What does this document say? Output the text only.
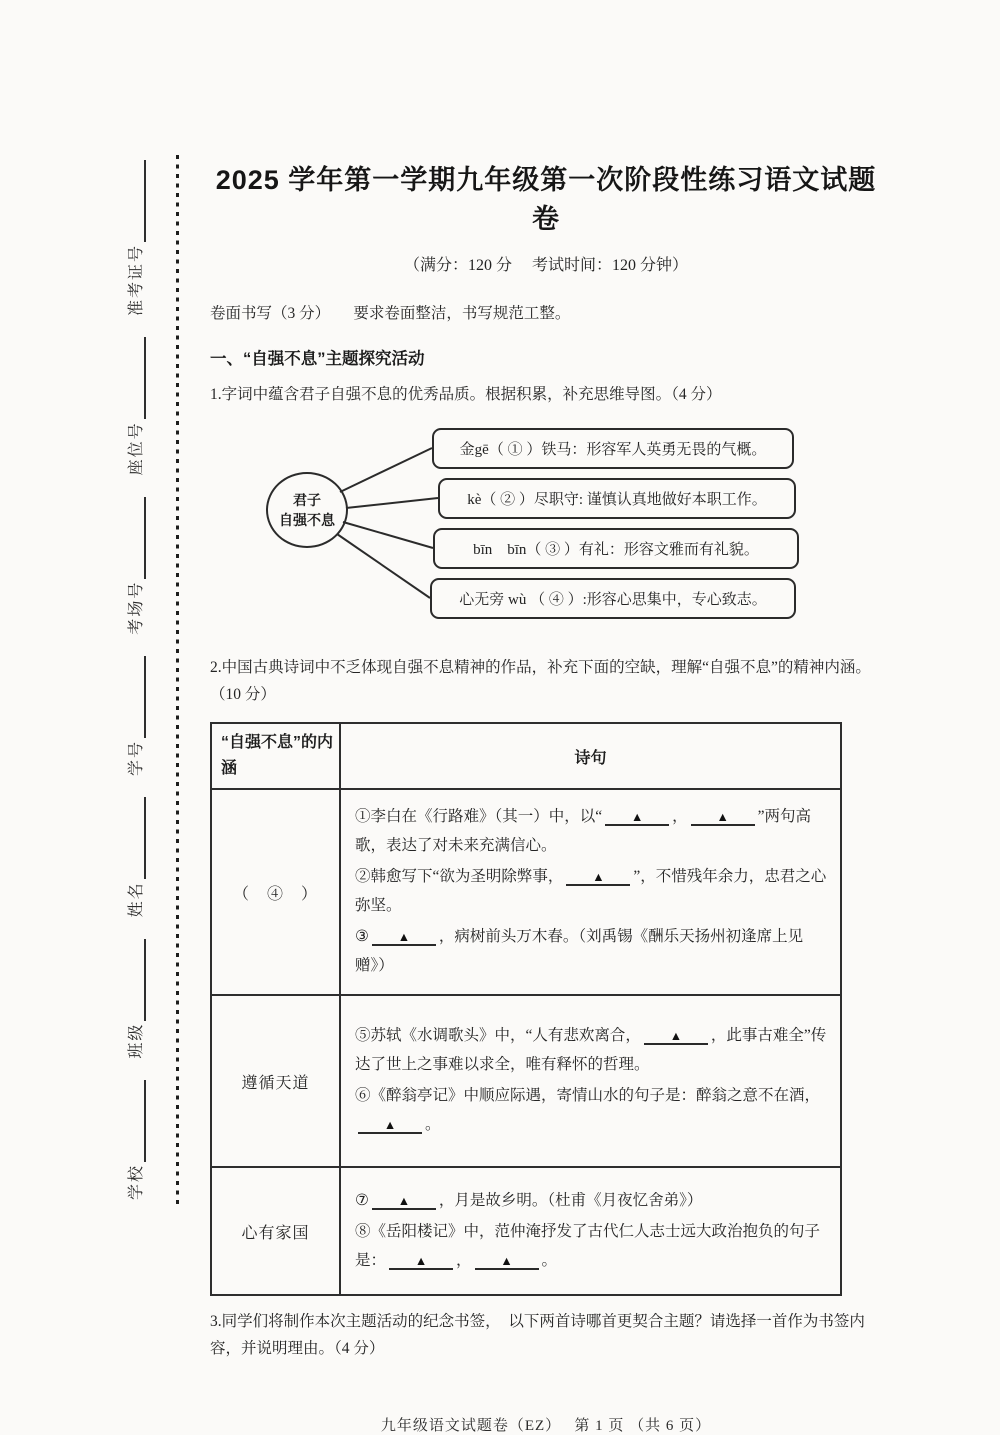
学校
班级
姓名
学号
考场号
座位号
准考证号
2025 学年第一学期九年级第一次阶段性练习语文试题卷
（满分：120 分　 考试时间：120 分钟）
卷面书写（3 分）　　要求卷面整洁，书写规范工整。
一、“自强不息”主题探究活动
1.字词中蕴含君子自强不息的优秀品质。根据积累，补充思维导图。（4 分）
君子
自强不息
金gē（ ① ）铁马：形容军人英勇无畏的气概。
kè（ ② ）尽职守: 谨慎认真地做好本职工作。
bīn　bīn（ ③ ）有礼：形容文雅而有礼貌。
心无旁 wù （ ④ ）:形容心思集中，专心致志。
2.中国古典诗词中不乏体现自强不息精神的作品，补充下面的空缺，理解“自强不息”的精神内涵。（10 分）
“自强不息”的内涵	诗句
（　④　）	①李白在《行路难》（其一）中，以“ ▲ ， ▲ ”两句高歌，表达了对未来充满信心。
②韩愈写下“欲为圣明除弊事， ▲ ”，不惜残年余力，忠君之心弥坚。
③ ▲ ，病树前头万木春。（刘禹锡《酬乐天扬州初逢席上见赠》）

遵循天道	⑤苏轼《水调歌头》中，“人有悲欢离合， ▲ ，此事古难全”传达了世上之事难以求全，唯有释怀的哲理。
⑥《醉翁亭记》中顺应际遇，寄情山水的句子是：醉翁之意不在酒，▲ 。

心有家国	⑦ ▲ ，月是故乡明。（杜甫《月夜忆舍弟》）
⑧《岳阳楼记》中，范仲淹抒发了古代仁人志士远大政治抱负的句子是： ▲ ， ▲ 。
3.同学们将制作本次主题活动的纪念书签，　以下两首诗哪首更契合主题？请选择一首作为书签内容，并说明理由。（4 分）
九年级语文试题卷（EZ）　 第 1 页 （共 6 页）
